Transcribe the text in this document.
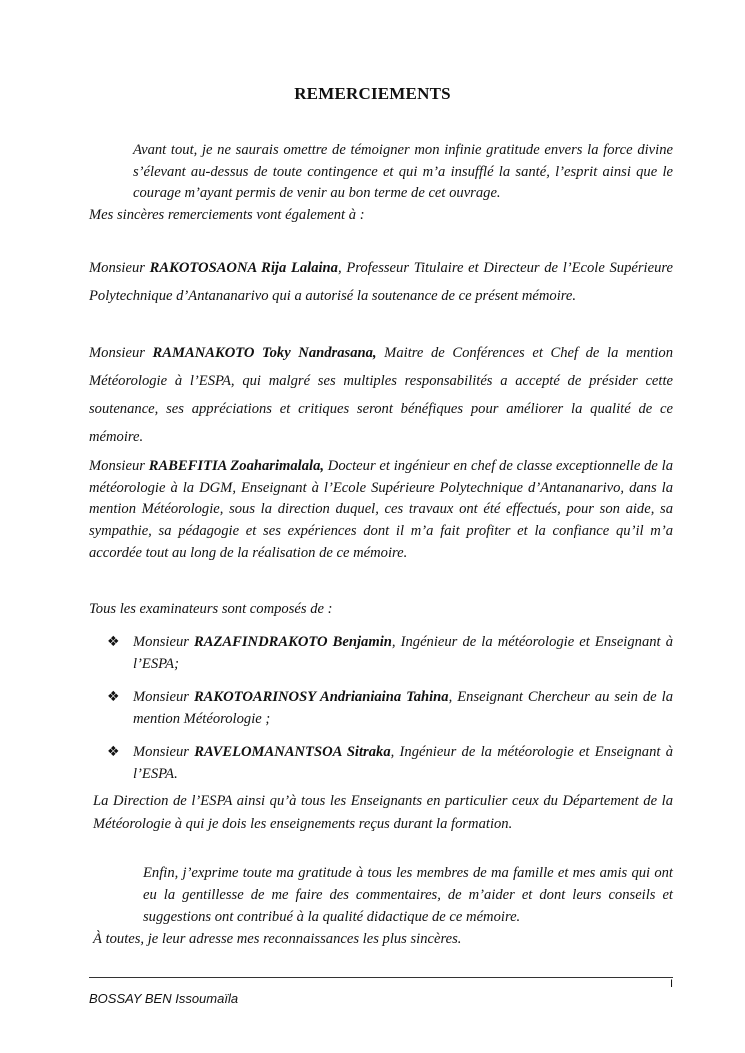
REMERCIEMENTS
Avant tout, je ne saurais omettre de témoigner mon infinie gratitude envers la force divine s’élevant au-dessus de toute contingence et qui m’a insufflé la santé, l’esprit ainsi que le courage m’ayant permis de venir au bon terme de cet ouvrage.
Mes sincères remerciements vont également à :
Monsieur RAKOTOSAONA Rija Lalaina, Professeur Titulaire et Directeur de l’Ecole Supérieure Polytechnique d’Antananarivo qui a autorisé la soutenance de ce présent mémoire.
Monsieur RAMANAKOTO Toky Nandrasana, Maitre de Conférences et Chef de la mention Météorologie à l’ESPA, qui malgré ses multiples responsabilités a accepté de présider cette soutenance, ses appréciations et critiques seront bénéfiques pour améliorer la qualité de ce mémoire.
Monsieur RABEFITIA Zoaharimalala, Docteur et ingénieur en chef de classe exceptionnelle de la météorologie à la DGM, Enseignant à l’Ecole Supérieure Polytechnique d’Antananarivo, dans la mention Météorologie, sous la direction duquel, ces travaux ont été effectués, pour son aide, sa sympathie, sa pédagogie et ses expériences dont il m’a fait profiter et la confiance qu’il m’a accordée tout au long de la réalisation de ce mémoire.
Tous les examinateurs sont composés de :
❖ Monsieur RAZAFINDRAKOTO Benjamin, Ingénieur de la météorologie et Enseignant à l’ESPA;
❖ Monsieur RAKOTOARINOSY Andrianiaina Tahina, Enseignant Chercheur au sein de la mention Météorologie ;
❖ Monsieur RAVELOMANANTSOA Sitraka, Ingénieur de la météorologie et Enseignant à l’ESPA.
La Direction de l’ESPA ainsi qu’à tous les Enseignants en particulier ceux du Département de la Météorologie à qui je dois les enseignements reçus durant la formation.
Enfin, j’exprime toute ma gratitude à tous les membres de ma famille et mes amis qui ont eu la gentillesse de me faire des commentaires, de m’aider et dont leurs conseils et suggestions ont contribué à la qualité didactique de ce mémoire.
À toutes, je leur adresse mes reconnaissances les plus sincères.
I
BOSSAY BEN Issoumaïla
